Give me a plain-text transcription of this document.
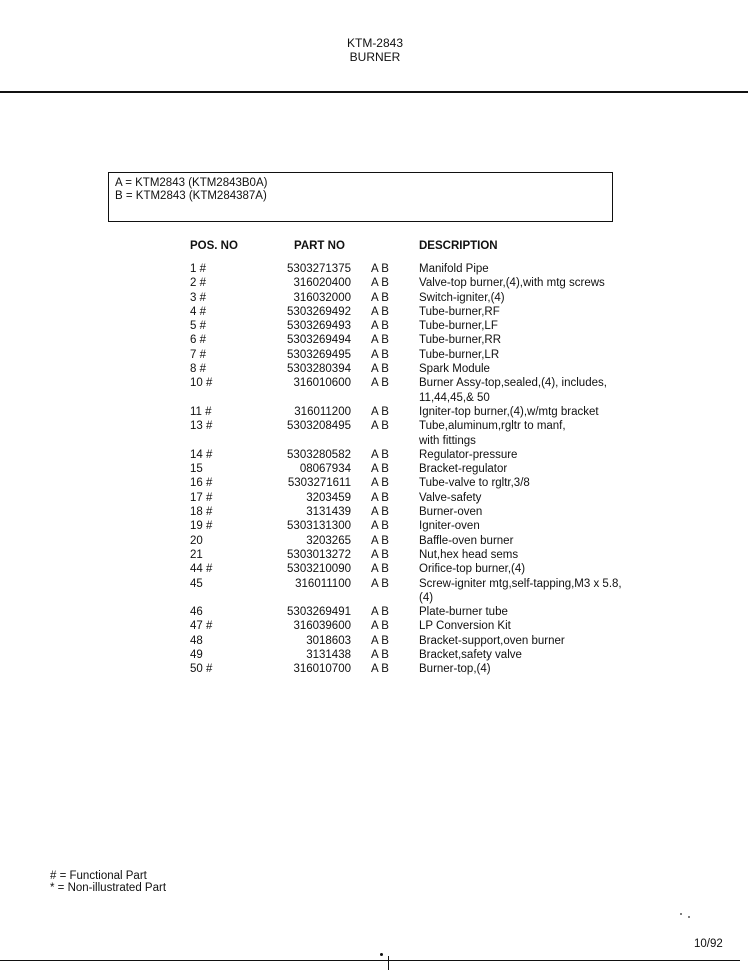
KTM-2843
BURNER
A = KTM2843 (KTM2843B0A)
B = KTM2843 (KTM284387A)
POS. NO	PART NO		DESCRIPTION
1 #	5303271375	A B	Manifold Pipe

2 #	316020400	A B	Valve-top burner,(4),with mtg screws

3 #	316032000	A B	Switch-igniter,(4)

4 #	5303269492	A B	Tube-burner,RF

5 #	5303269493	A B	Tube-burner,LF

6 #	5303269494	A B	Tube-burner,RR

7 #	5303269495	A B	Tube-burner,LR

8 #	5303280394	A B	Spark Module

10 #	316010600	A B	Burner Assy-top,sealed,(4), includes,
11,44,45,& 50

11 #	316011200	A B	Igniter-top burner,(4),w/mtg bracket

13 #	5303208495	A B	Tube,aluminum,rgltr to manf,
with fittings

14 #	5303280582	A B	Regulator-pressure

15	08067934	A B	Bracket-regulator

16 #	5303271611	A B	Tube-valve to rgltr,3/8

17 #	3203459	A B	Valve-safety

18 #	3131439	A B	Burner-oven

19 #	5303131300	A B	Igniter-oven

20	3203265	A B	Baffle-oven burner

21	5303013272	A B	Nut,hex head sems

44 #	5303210090	A B	Orifice-top burner,(4)

45	316011100	A B	Screw-igniter mtg,self-tapping,M3 x 5.8,
(4)

46	5303269491	A B	Plate-burner tube

47 #	316039600	A B	LP Conversion Kit

48	3018603	A B	Bracket-support,oven burner

49	3131438	A B	Bracket,safety valve

50 #	316010700	A B	Burner-top,(4)
# = Functional Part
* = Non-illustrated Part
10/92
